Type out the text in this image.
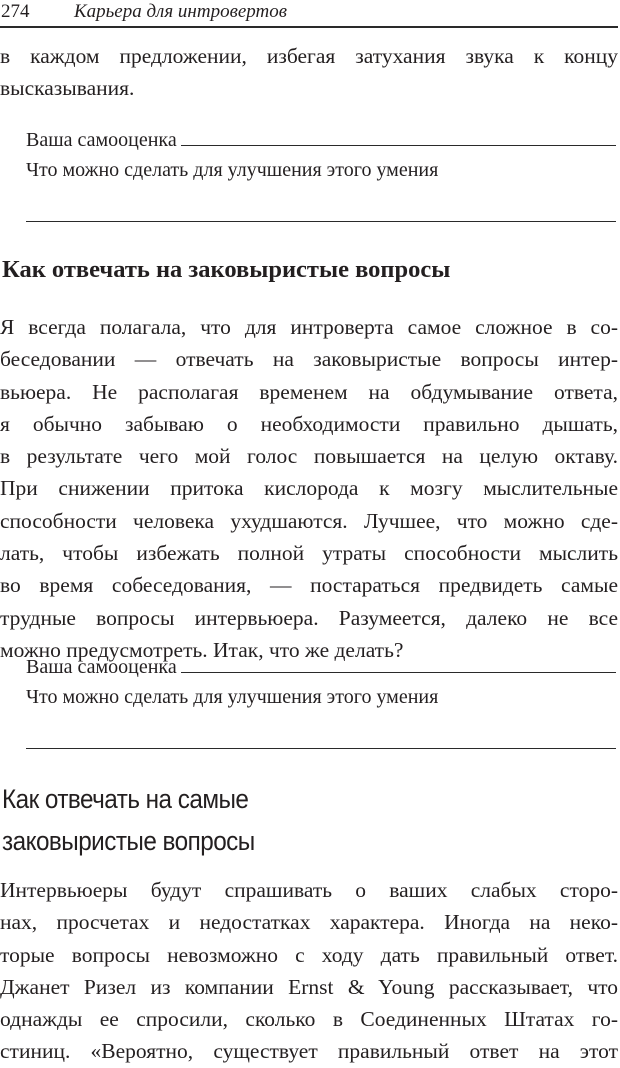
274 Карьера для интровертов
в каждом предложении, избегая затухания звука к концу
высказывания.
Ваша самооценка
Что можно сделать для улучшения этого умения
Как отвечать на заковыристые вопросы
Я всегда полагала, что для интроверта самое сложное в со-
беседовании — отвечать на заковыристые вопросы интер-
вьюера. Не располагая временем на обдумывание ответа,
я обычно забываю о необходимости правильно дышать,
в результате чего мой голос повышается на целую октаву.
При снижении притока кислорода к мозгу мыслительные
способности человека ухудшаются. Лучшее, что можно сде-
лать, чтобы избежать полной утраты способности мыслить
во время собеседования, — постараться предвидеть самые
трудные вопросы интервьюера. Разумеется, далеко не все
можно предусмотреть. Итак, что же делать?
Ваша самооценка
Что можно сделать для улучшения этого умения
Как отвечать на самые
заковыристые вопросы
Интервьюеры будут спрашивать о ваших слабых сторо-
нах, просчетах и недостатках характера. Иногда на неко-
торые вопросы невозможно с ходу дать правильный ответ.
Джанет Ризел из компании Ernst & Young рассказывает, что
однажды ее спросили, сколько в Соединенных Штатах го-
стиниц. «Вероятно, существует правильный ответ на этот
